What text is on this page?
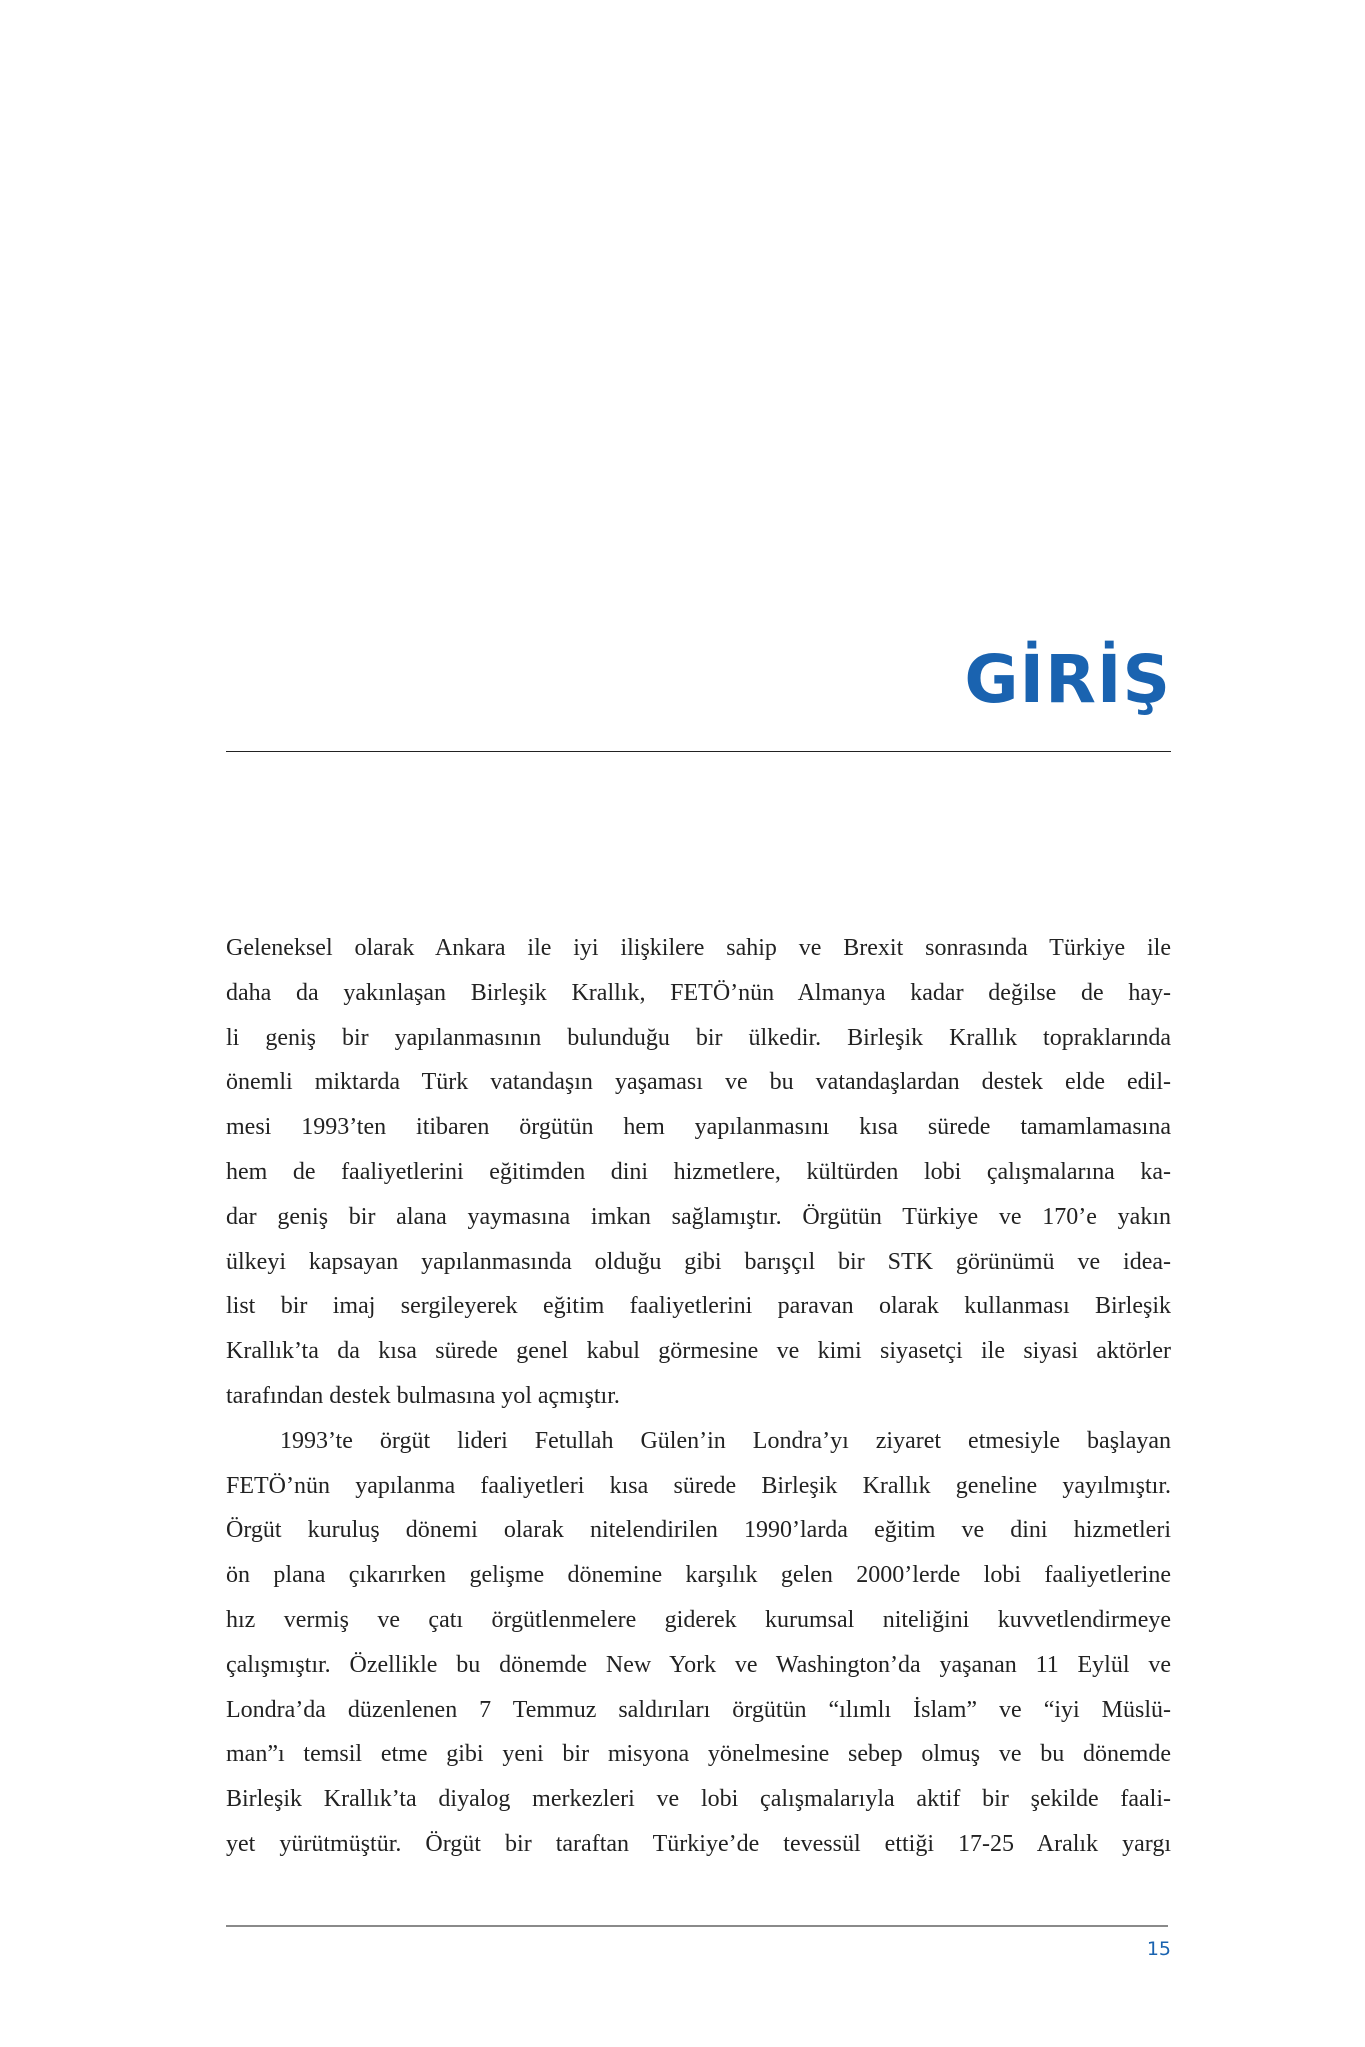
GİRİŞ
Geleneksel olarak Ankara ile iyi ilişkilere sahip ve Brexit sonrasında Türkiye ile
daha da yakınlaşan Birleşik Krallık, FETÖ’nün Almanya kadar değilse de hay-
li geniş bir yapılanmasının bulunduğu bir ülkedir. Birleşik Krallık topraklarında
önemli miktarda Türk vatandaşın yaşaması ve bu vatandaşlardan destek elde edil-
mesi 1993’ten itibaren örgütün hem yapılanmasını kısa sürede tamamlamasına
hem de faaliyetlerini eğitimden dini hizmetlere, kültürden lobi çalışmalarına ka-
dar geniş bir alana yaymasına imkan sağlamıştır. Örgütün Türkiye ve 170’e yakın
ülkeyi kapsayan yapılanmasında olduğu gibi barışçıl bir STK görünümü ve idea-
list bir imaj sergileyerek eğitim faaliyetlerini paravan olarak kullanması Birleşik
Krallık’ta da kısa sürede genel kabul görmesine ve kimi siyasetçi ile siyasi aktörler
tarafından destek bulmasına yol açmıştır.
1993’te örgüt lideri Fetullah Gülen’in Londra’yı ziyaret etmesiyle başlayan
FETÖ’nün yapılanma faaliyetleri kısa sürede Birleşik Krallık geneline yayılmıştır.
Örgüt kuruluş dönemi olarak nitelendirilen 1990’larda eğitim ve dini hizmetleri
ön plana çıkarırken gelişme dönemine karşılık gelen 2000’lerde lobi faaliyetlerine
hız vermiş ve çatı örgütlenmelere giderek kurumsal niteliğini kuvvetlendirmeye
çalışmıştır. Özellikle bu dönemde New York ve Washington’da yaşanan 11 Eylül ve
Londra’da düzenlenen 7 Temmuz saldırıları örgütün “ılımlı İslam” ve “iyi Müslü-
man”ı temsil etme gibi yeni bir misyona yönelmesine sebep olmuş ve bu dönemde
Birleşik Krallık’ta diyalog merkezleri ve lobi çalışmalarıyla aktif bir şekilde faali-
yet yürütmüştür. Örgüt bir taraftan Türkiye’de tevessül ettiği 17-25 Aralık yargı
15
